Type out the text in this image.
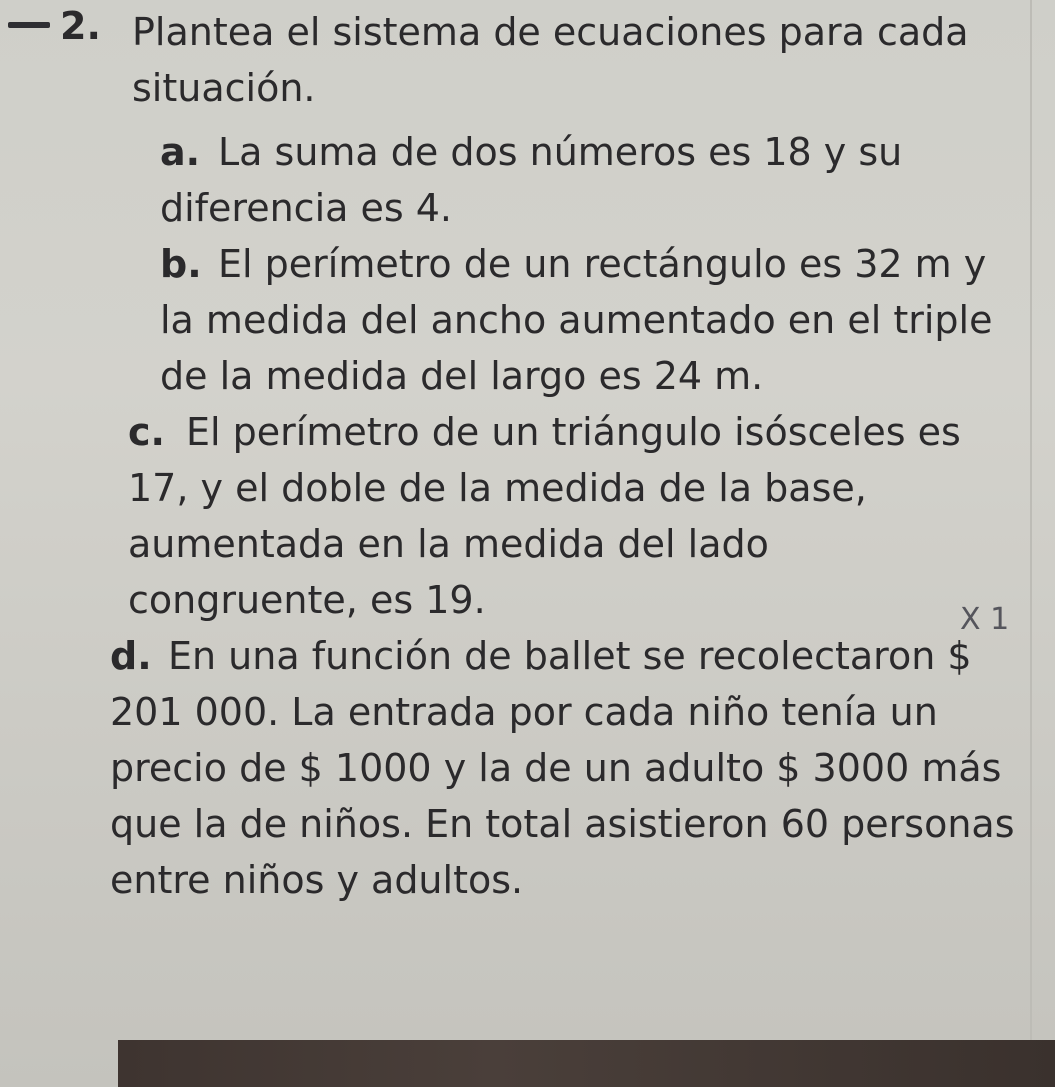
2. Plantea el sistema de ecuaciones para cada situación.
a. La suma de dos números es 18 y su diferencia es 4.
b. El perímetro de un rectángulo es 32 m y la medida del ancho aumentado en el triple de la medida del largo es 24 m.
c. El perímetro de un triángulo isósceles es 17, y el doble de la medida de la base, aumentada en la medida del lado congruente, es 19.	X 1
d. En una función de ballet se recolectaron $ 201 000. La entrada por cada niño tenía un precio de $ 1000 y la de un adulto $ 3000 más que la de niños. En total asistieron 60 personas entre niños y adultos.
